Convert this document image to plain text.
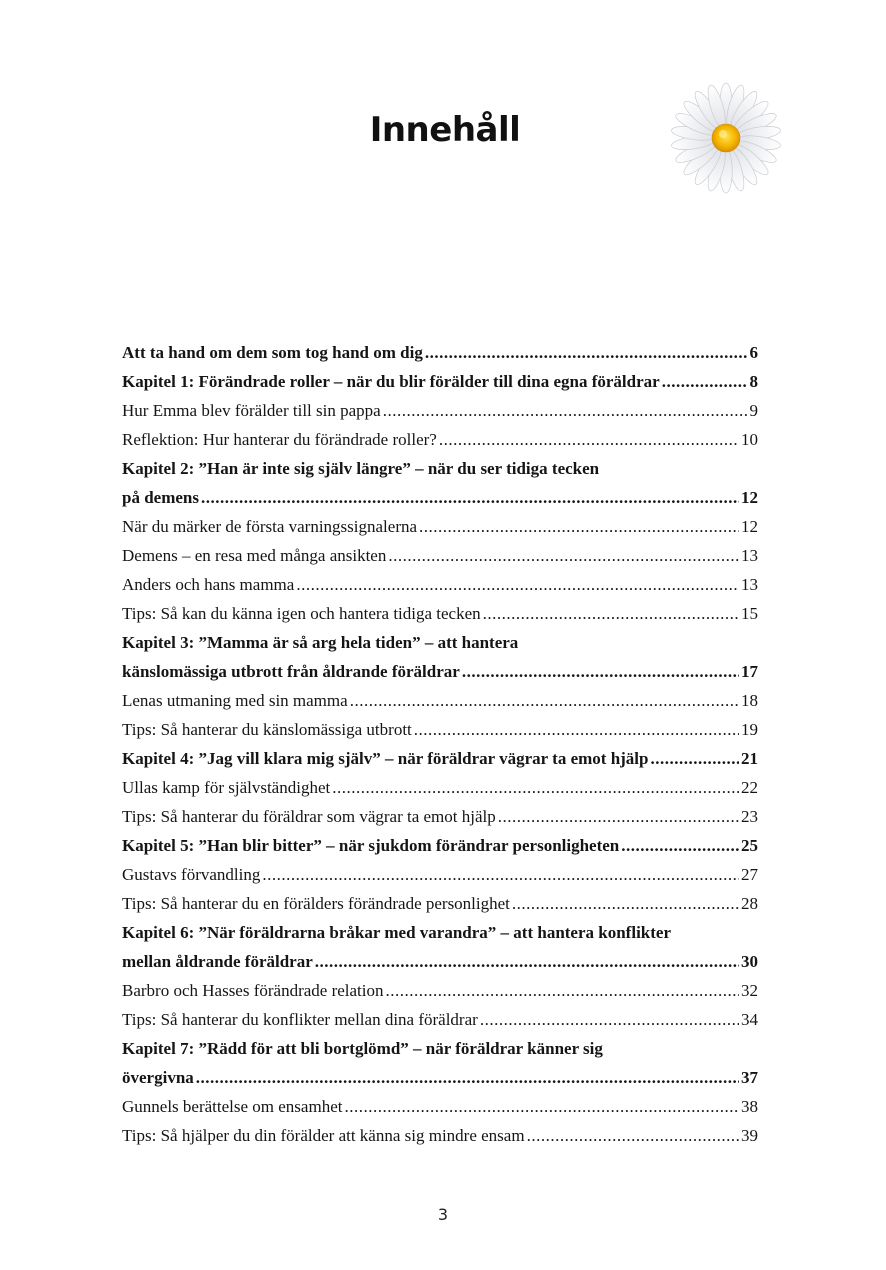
Innehåll
Att ta hand om dem som tog hand om dig .....	6
Kapitel 1: Förändrade roller – när du blir förälder till dina egna föräldrar .....	8
Hur Emma blev förälder till sin pappa .....	9
Reflektion: Hur hanterar du förändrade roller? .....	10
Kapitel 2: ”Han är inte sig själv längre” – när du ser tidiga tecken
på demens .....	12
När du märker de första varningssignalerna .....	12
Demens – en resa med många ansikten .....	13
Anders och hans mamma .....	13
Tips: Så kan du känna igen och hantera tidiga tecken .....	15
Kapitel 3: ”Mamma är så arg hela tiden” – att hantera
känslomässiga utbrott från åldrande föräldrar .....	17
Lenas utmaning med sin mamma .....	18
Tips: Så hanterar du känslomässiga utbrott .....	19
Kapitel 4: ”Jag vill klara mig själv” – när föräldrar vägrar ta emot hjälp .....	21
Ullas kamp för självständighet .....	22
Tips: Så hanterar du föräldrar som vägrar ta emot hjälp .....	23
Kapitel 5: ”Han blir bitter” – när sjukdom förändrar personligheten .....	25
Gustavs förvandling .....	27
Tips: Så hanterar du en förälders förändrade personlighet .....	28
Kapitel 6: ”När föräldrarna bråkar med varandra” – att hantera konflikter
mellan åldrande föräldrar .....	30
Barbro och Hasses förändrade relation .....	32
Tips: Så hanterar du konflikter mellan dina föräldrar .....	34
Kapitel 7: ”Rädd för att bli bortglömd” – när föräldrar känner sig
övergivna .....	37
Gunnels berättelse om ensamhet .....	38
Tips: Så hjälper du din förälder att känna sig mindre ensam .....	39
3
